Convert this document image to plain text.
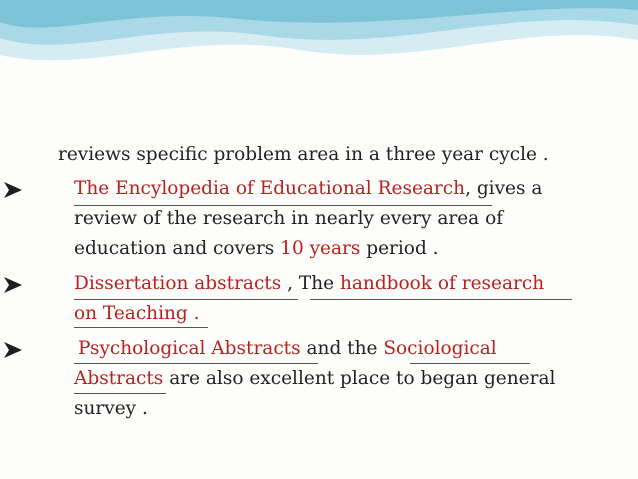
reviews specific problem area in a three year cycle .
The Encylopedia of Educational Research, gives a
review of the research in nearly every area of
education and covers 10 years period .
Dissertation abstracts , The handbook of research
on Teaching .
Psychological Abstracts and the Sociological
Abstracts are also excellent place to began general
survey .
